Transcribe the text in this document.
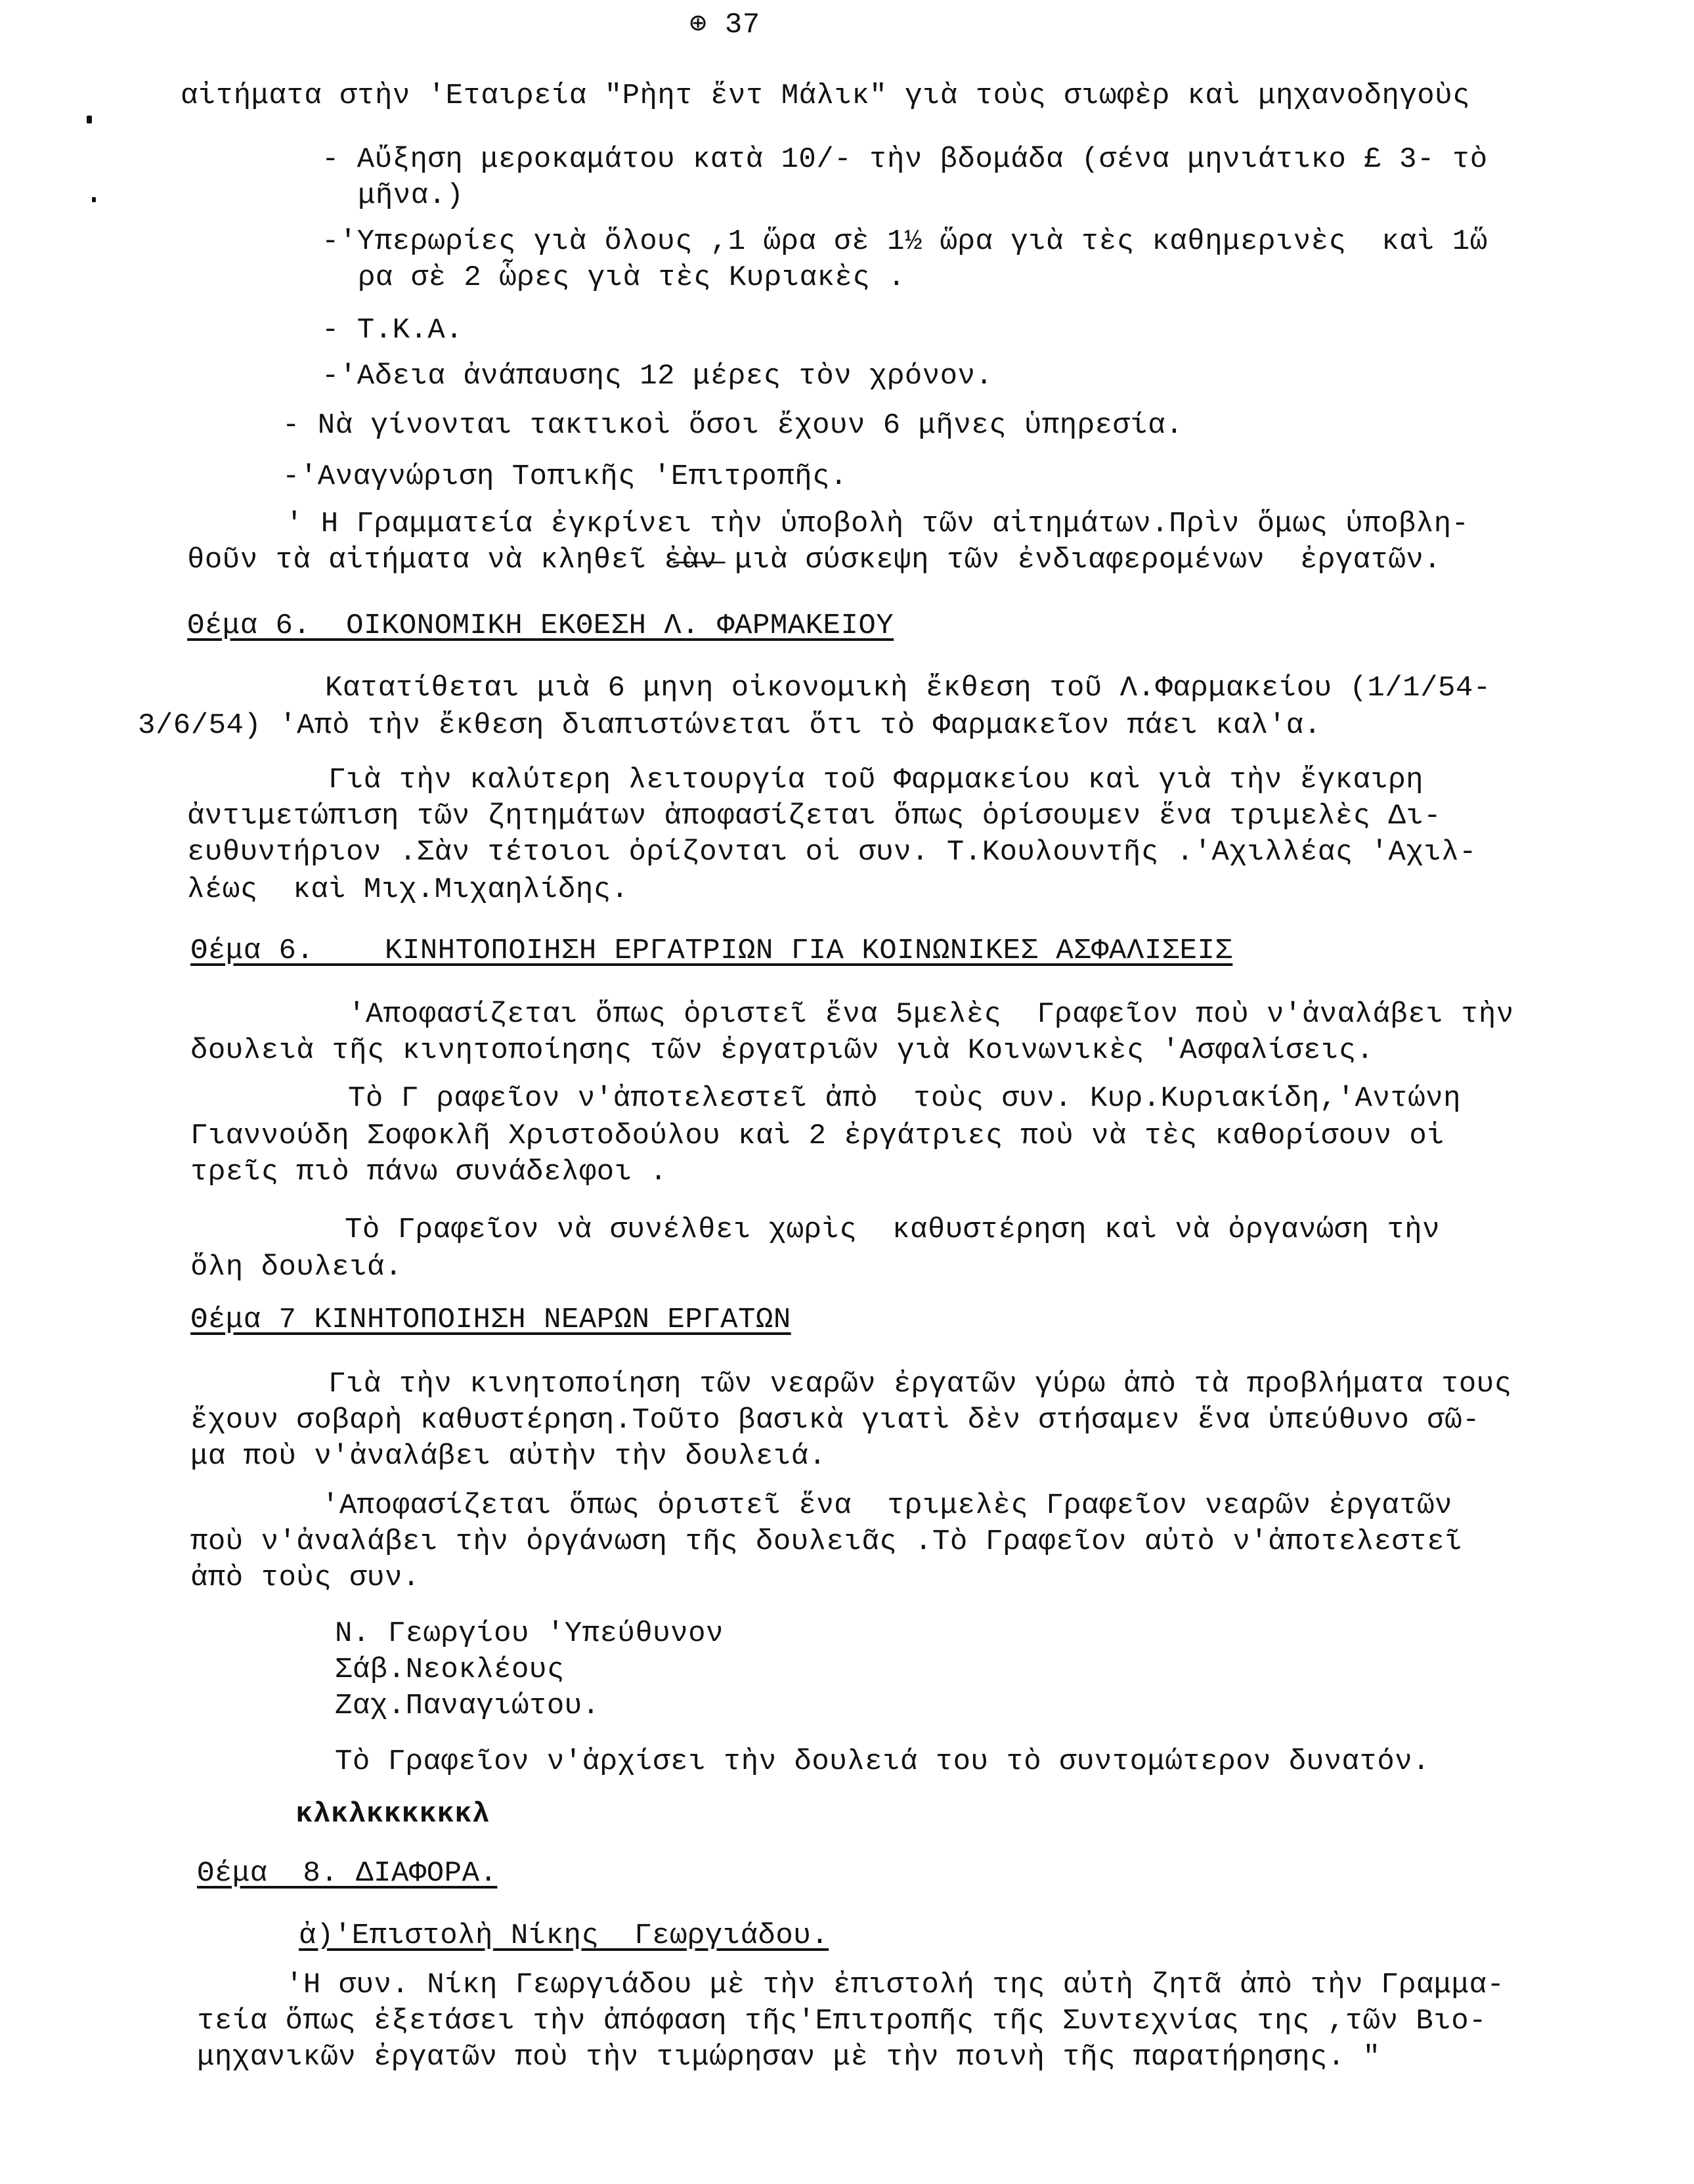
⊕ 37
αἰτήματα στὴν 'Εταιρεία "Ρὴητ ἕντ Μάλικ" γιὰ τοὺς σιωφὲρ καὶ μηχανοδηγοὺς
- Αὔξηση μεροκαμάτου κατὰ 10/- τὴν βδομάδα (σένα μηνιάτικο £ 3- τὸ
μῆνα.)
-'Υπερωρίες γιὰ ὅλους ,1 ὥρα σὲ 1½ ὥρα γιὰ τὲς καθημερινὲς  καὶ 1ὥ
ρα σὲ 2 ὧρες γιὰ τὲς Κυριακὲς .
- Τ.Κ.Α.
-'Αδεια ἀνάπαυσης 12 μέρες τὸν χρόνον.
- Νὰ γίνονται τακτικοὶ ὅσοι ἔχουν 6 μῆνες ὑπηρεσία.
-'Αναγνώριση Τοπικῆς 'Επιτροπῆς.
' Η Γραμματεία ἐγκρίνει τὴν ὑποβολὴ τῶν αἰτημάτων.Πρὶν ὅμως ὑποβλη-
θοῦν τὰ αἰτήματα νὰ κληθεῖ ἐ̶ὰ̶ν̶ μιὰ σύσκεψη τῶν ἐνδιαφερομένων  ἐργατῶν.
Θέμα 6.  ΟΙΚΟΝΟΜΙΚΗ ΕΚΘΕΣΗ Λ. ΦΑΡΜΑΚΕΙΟΥ
Κατατίθεται μιὰ 6 μηνη οἰκονομικὴ ἔκθεση τοῦ Λ.Φαρμακείου (1/1/54-
3/6/54) 'Απὸ τὴν ἔκθεση διαπιστώνεται ὅτι τὸ Φαρμακεῖον πάει καλ'α.
Γιὰ τὴν καλύτερη λειτουργία τοῦ Φαρμακείου καὶ γιὰ τὴν ἔγκαιρη
ἀντιμετώπιση τῶν ζητημάτων ἀποφασίζεται ὅπως ὁρίσουμεν ἕνα τριμελὲς Δι-
ευθυντήριον .Σὰν τέτοιοι ὁρίζονται οἱ συν. Τ.Κουλουντῆς .'Αχιλλέας 'Αχιλ-
λέως  καὶ Μιχ.Μιχαηλίδης.
Θέμα 6.    ΚΙΝΗΤΟΠΟΙΗΣΗ ΕΡΓΑΤΡΙΩΝ ΓΙΑ ΚΟΙΝΩΝΙΚΕΣ ΑΣΦΑΛΙΣΕΙΣ
'Αποφασίζεται ὅπως ὁριστεῖ ἕνα 5μελὲς  Γραφεῖον ποὺ ν'ἀναλάβει τὴν
δουλειὰ τῆς κινητοποίησης τῶν ἐργατριῶν γιὰ Κοινωνικὲς 'Ασφαλίσεις.
Τὸ Γ ραφεῖον ν'ἀποτελεστεῖ ἀπὸ  τοὺς συν. Κυρ.Κυριακίδη,'Αντώνη
Γιαννούδη Σοφοκλῆ Χριστοδούλου καὶ 2 ἐργάτριες ποὺ νὰ τὲς καθορίσουν οἱ
τρεῖς πιὸ πάνω συνάδελφοι .
Τὸ Γραφεῖον νὰ συνέλθει χωρὶς  καθυστέρηση καὶ νὰ ὀργανώση τὴν
ὅλη δουλειά.
Θέμα 7 ΚΙΝΗΤΟΠΟΙΗΣΗ ΝΕΑΡΩΝ ΕΡΓΑΤΩΝ
Γιὰ τὴν κινητοποίηση τῶν νεαρῶν ἐργατῶν γύρω ἀπὸ τὰ προβλήματα τους
ἔχουν σοβαρὴ καθυστέρηση.Τοῦτο βασικὰ γιατὶ δὲν στήσαμεν ἕνα ὑπεύθυνο σῶ-
μα ποὺ ν'ἀναλάβει αὐτὴν τὴν δουλειά.
'Αποφασίζεται ὅπως ὁριστεῖ ἕνα  τριμελὲς Γραφεῖον νεαρῶν ἐργατῶν
ποὺ ν'ἀναλάβει τὴν ὀργάνωση τῆς δουλειᾶς .Τὸ Γραφεῖον αὐτὸ ν'ἀποτελεστεῖ
ἀπὸ τοὺς συν.
Ν. Γεωργίου 'Υπεύθυνον
Σάβ.Νεοκλέους
Ζαχ.Παναγιώτου.
Τὸ Γραφεῖον ν'ἀρχίσει τὴν δουλειά του τὸ συντομώτερον δυνατόν.
κλκλκκκκκκλ
Θέμα  8. ΔΙΑΦΟΡΑ.
ἀ)'Επιστολὴ Νίκης  Γεωργιάδου.
'Η συν. Νίκη Γεωργιάδου μὲ τὴν ἐπιστολή της αὐτὴ ζητᾶ ἀπὸ τὴν Γραμμα-
τεία ὅπως ἐξετάσει τὴν ἀπόφαση τῆς'Επιτροπῆς τῆς Συντεχνίας της ,τῶν Βιο-
μηχανικῶν ἐργατῶν ποὺ τὴν τιμώρησαν μὲ τὴν ποινὴ τῆς παρατήρησης. "
